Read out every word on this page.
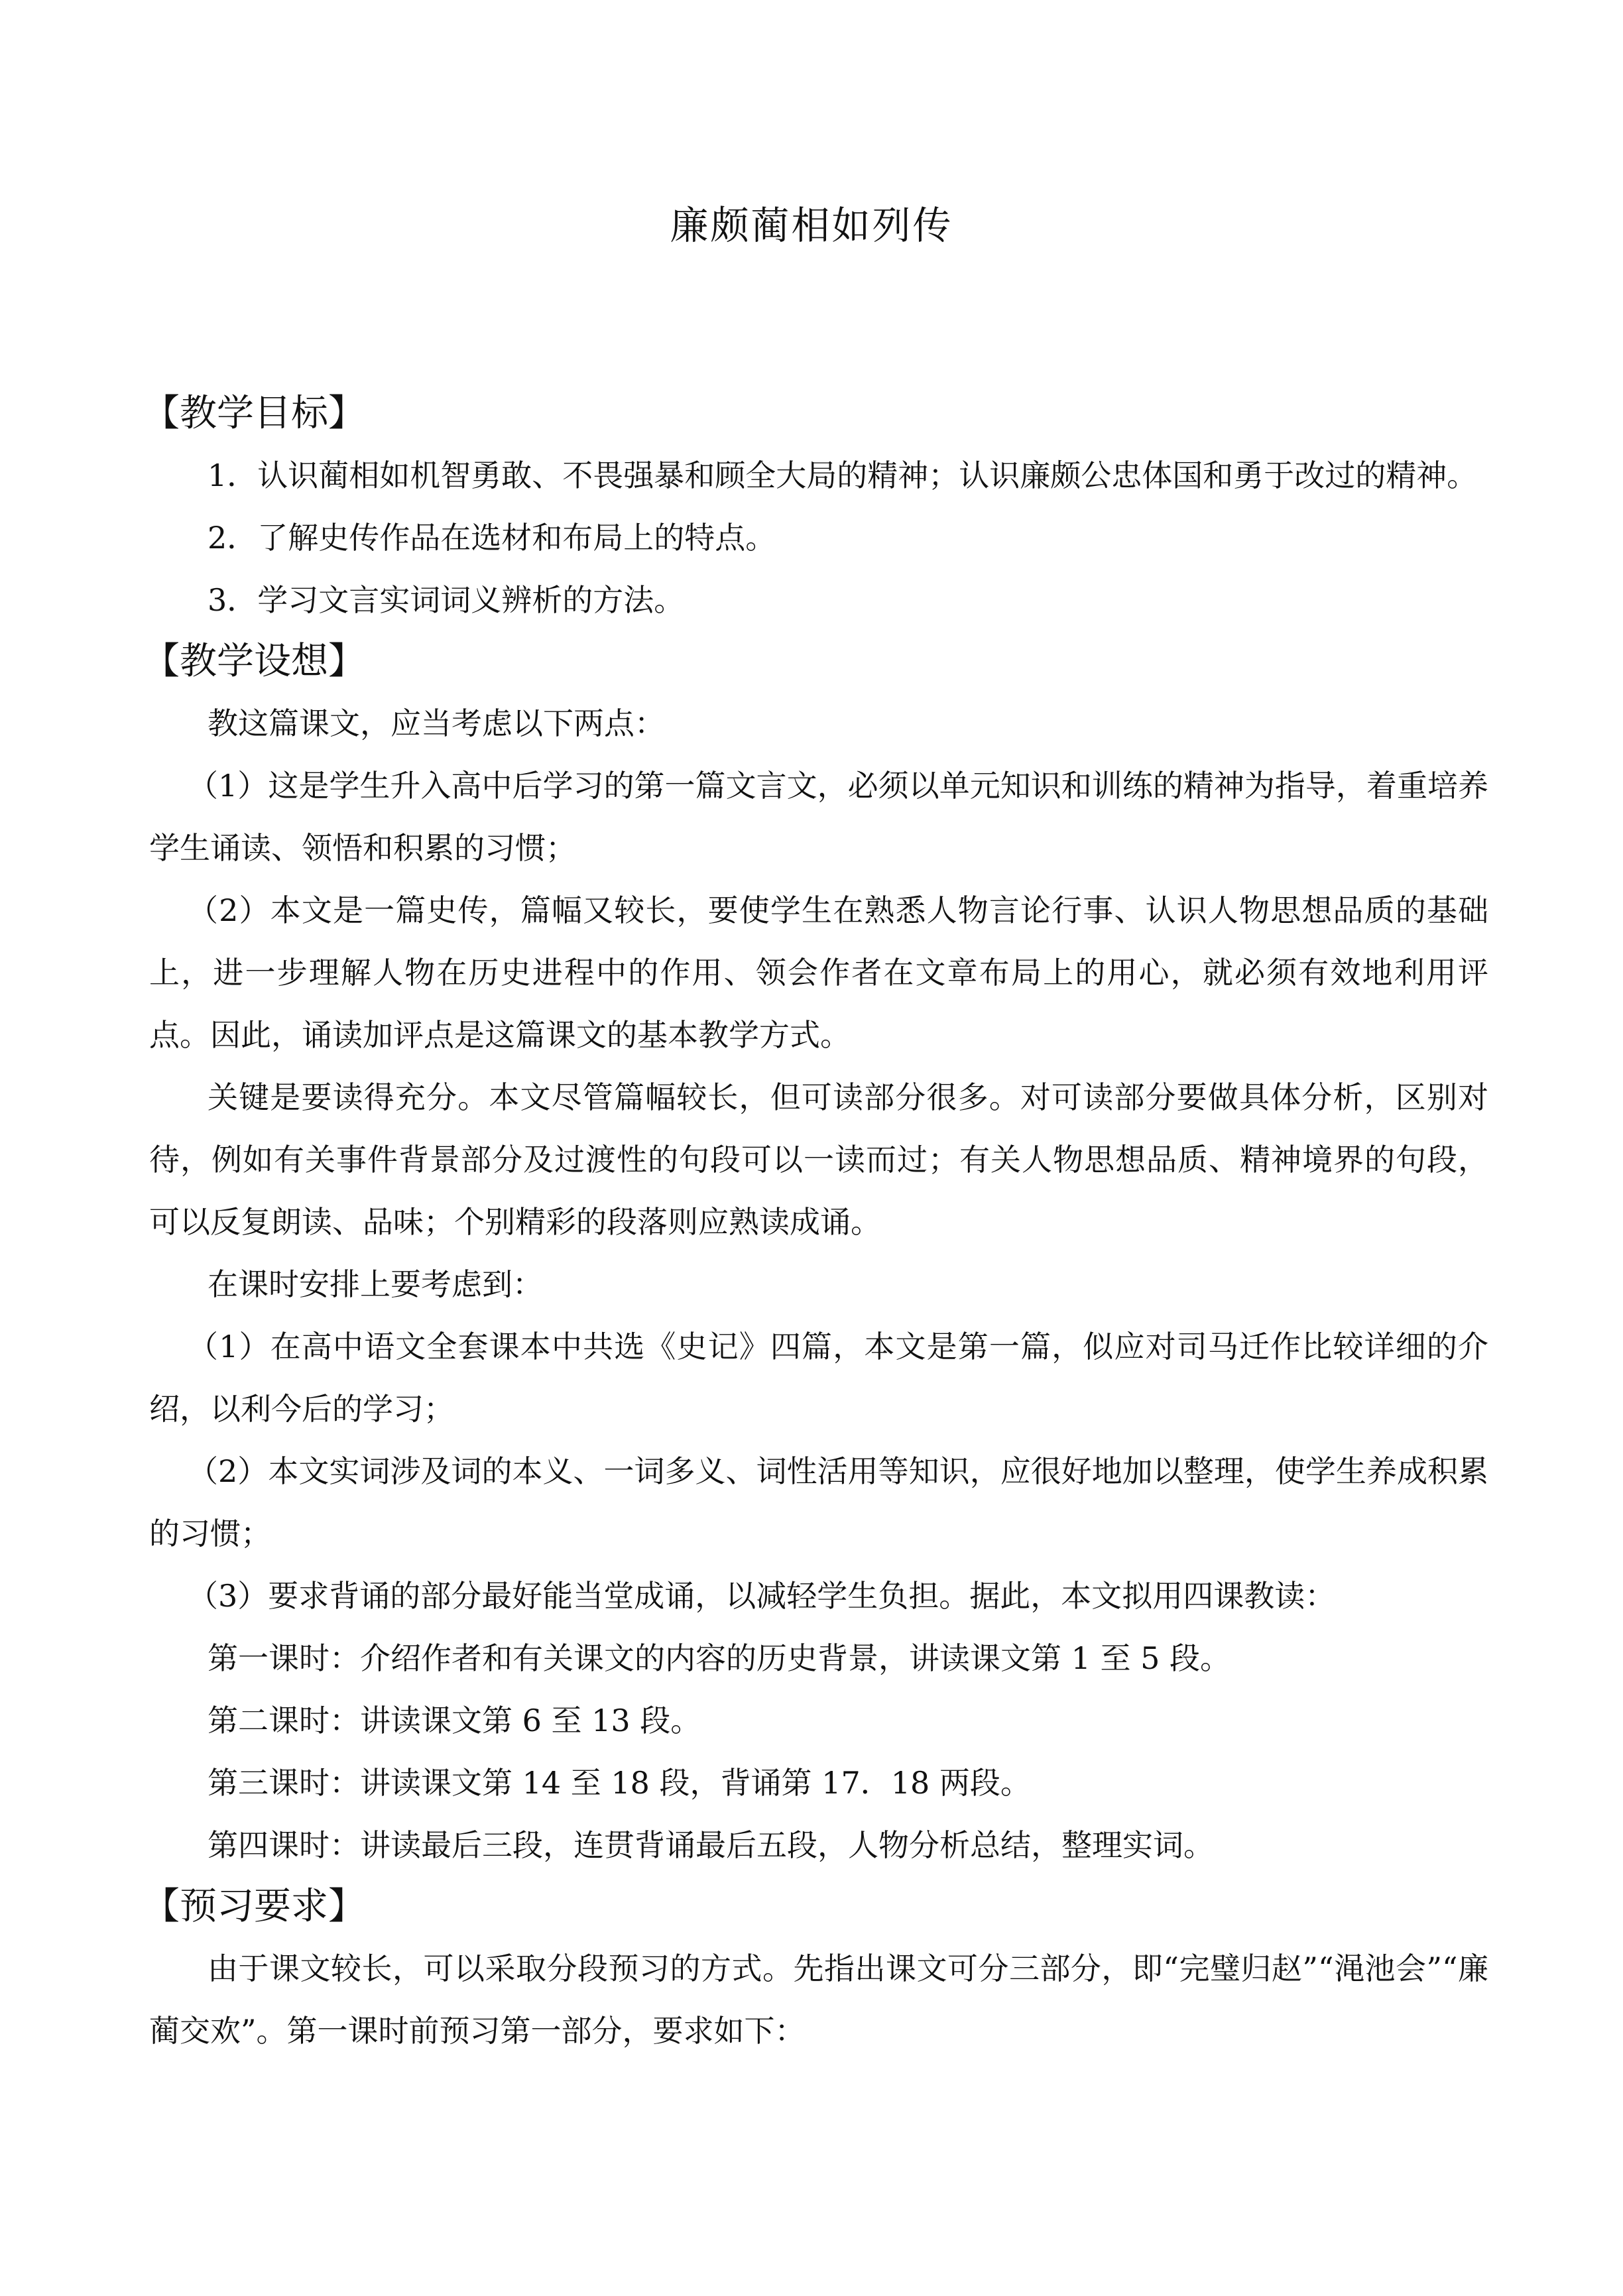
廉颇蔺相如列传
【教学目标】

1．认识蔺相如机智勇敢、不畏强暴和顾全大局的精神；认识廉颇公忠体国和勇于改过的精神。

2．了解史传作品在选材和布局上的特点。

3．学习文言实词词义辨析的方法。

【教学设想】

教这篇课文，应当考虑以下两点：

（1）这是学生升入高中后学习的第一篇文言文，必须以单元知识和训练的精神为指导，着重培养学生诵读、领悟和积累的习惯；

（2）本文是一篇史传，篇幅又较长，要使学生在熟悉人物言论行事、认识人物思想品质的基础上，进一步理解人物在历史进程中的作用、领会作者在文章布局上的用心，就必须有效地利用评点。因此，诵读加评点是这篇课文的基本教学方式。

关键是要读得充分。本文尽管篇幅较长，但可读部分很多。对可读部分要做具体分析，区别对待，例如有关事件背景部分及过渡性的句段可以一读而过；有关人物思想品质、精神境界的句段，可以反复朗读、品味；个别精彩的段落则应熟读成诵。

在课时安排上要考虑到：

（1）在高中语文全套课本中共选《史记》四篇，本文是第一篇，似应对司马迁作比较详细的介绍，以利今后的学习；

（2）本文实词涉及词的本义、一词多义、词性活用等知识，应很好地加以整理，使学生养成积累的习惯；

（3）要求背诵的部分最好能当堂成诵，以减轻学生负担。据此，本文拟用四课教读：

第一课时：介绍作者和有关课文的内容的历史背景，讲读课文第 1 至 5 段。

第二课时：讲读课文第 6 至 13 段。

第三课时：讲读课文第 14 至 18 段，背诵第 17．18 两段。

第四课时：讲读最后三段，连贯背诵最后五段，人物分析总结，整理实词。

【预习要求】

由于课文较长，可以采取分段预习的方式。先指出课文可分三部分，即“完璧归赵”“渑池会”“廉蔺交欢”。第一课时前预习第一部分，要求如下：
